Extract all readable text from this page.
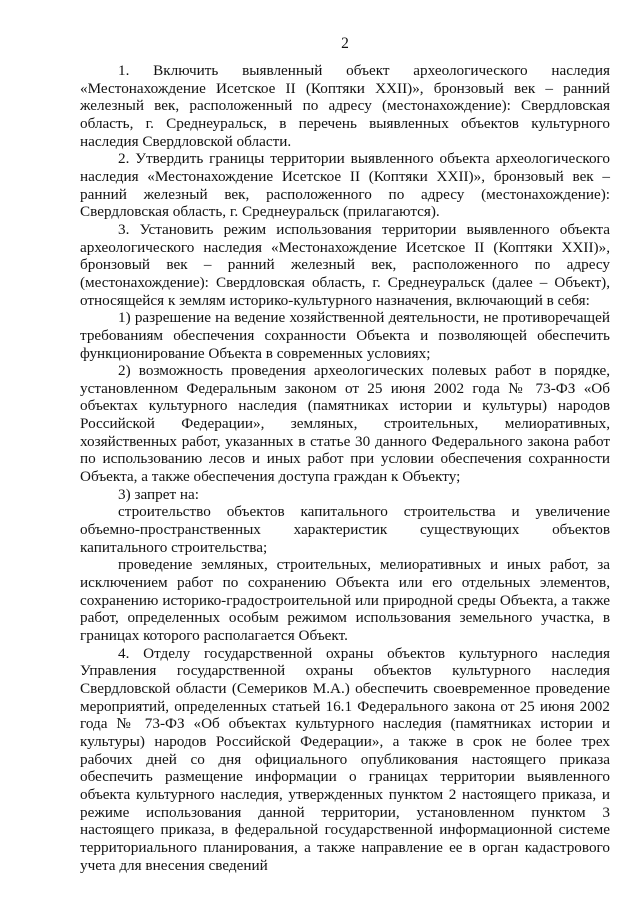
2

1. Включить выявленный объект археологического наследия «Местонахождение Исетское II (Коптяки XXII)», бронзовый век – ранний железный век, расположенный по адресу (местонахождение): Свердловская область, г. Среднеуральск, в перечень выявленных объектов культурного наследия Свердловской области.

2. Утвердить границы территории выявленного объекта археологического наследия «Местонахождение Исетское II (Коптяки XXII)», бронзовый век – ранний железный век, расположенного по адресу (местонахождение): Свердловская область, г. Среднеуральск (прилагаются).

3. Установить режим использования территории выявленного объекта археологического наследия «Местонахождение Исетское II (Коптяки XXII)», бронзовый век – ранний железный век, расположенного по адресу (местонахождение): Свердловская область, г. Среднеуральск (далее – Объект), относящейся к землям историко-культурного назначения, включающий в себя:

1) разрешение на ведение хозяйственной деятельности, не противоречащей требованиям обеспечения сохранности Объекта и позволяющей обеспечить функционирование Объекта в современных условиях;

2) возможность проведения археологических полевых работ в порядке, установленном Федеральным законом от 25 июня 2002 года № 73-ФЗ «Об объектах культурного наследия (памятниках истории и культуры) народов Российской Федерации», земляных, строительных, мелиоративных, хозяйственных работ, указанных в статье 30 данного Федерального закона работ по использованию лесов и иных работ при условии обеспечения сохранности Объекта, а также обеспечения доступа граждан к Объекту;

3) запрет на:

строительство объектов капитального строительства и увеличение объемно-пространственных характеристик существующих объектов капитального строительства;

проведение земляных, строительных, мелиоративных и иных работ, за исключением работ по сохранению Объекта или его отдельных элементов, сохранению историко-градостроительной или природной среды Объекта, а также работ, определенных особым режимом использования земельного участка, в границах которого располагается Объект.

4. Отделу государственной охраны объектов культурного наследия Управления государственной охраны объектов культурного наследия Свердловской области (Семериков М.А.) обеспечить своевременное проведение мероприятий, определенных статьей 16.1 Федерального закона от 25 июня 2002 года № 73-ФЗ «Об объектах культурного наследия (памятниках истории и культуры) народов Российской Федерации», а также в срок не более трех рабочих дней со дня официального опубликования настоящего приказа обеспечить размещение информации о границах территории выявленного объекта культурного наследия, утвержденных пунктом 2 настоящего приказа, и режиме использования данной территории, установленном пунктом 3 настоящего приказа, в федеральной государственной информационной системе территориального планирования, а также направление ее в орган кадастрового учета для внесения сведений
